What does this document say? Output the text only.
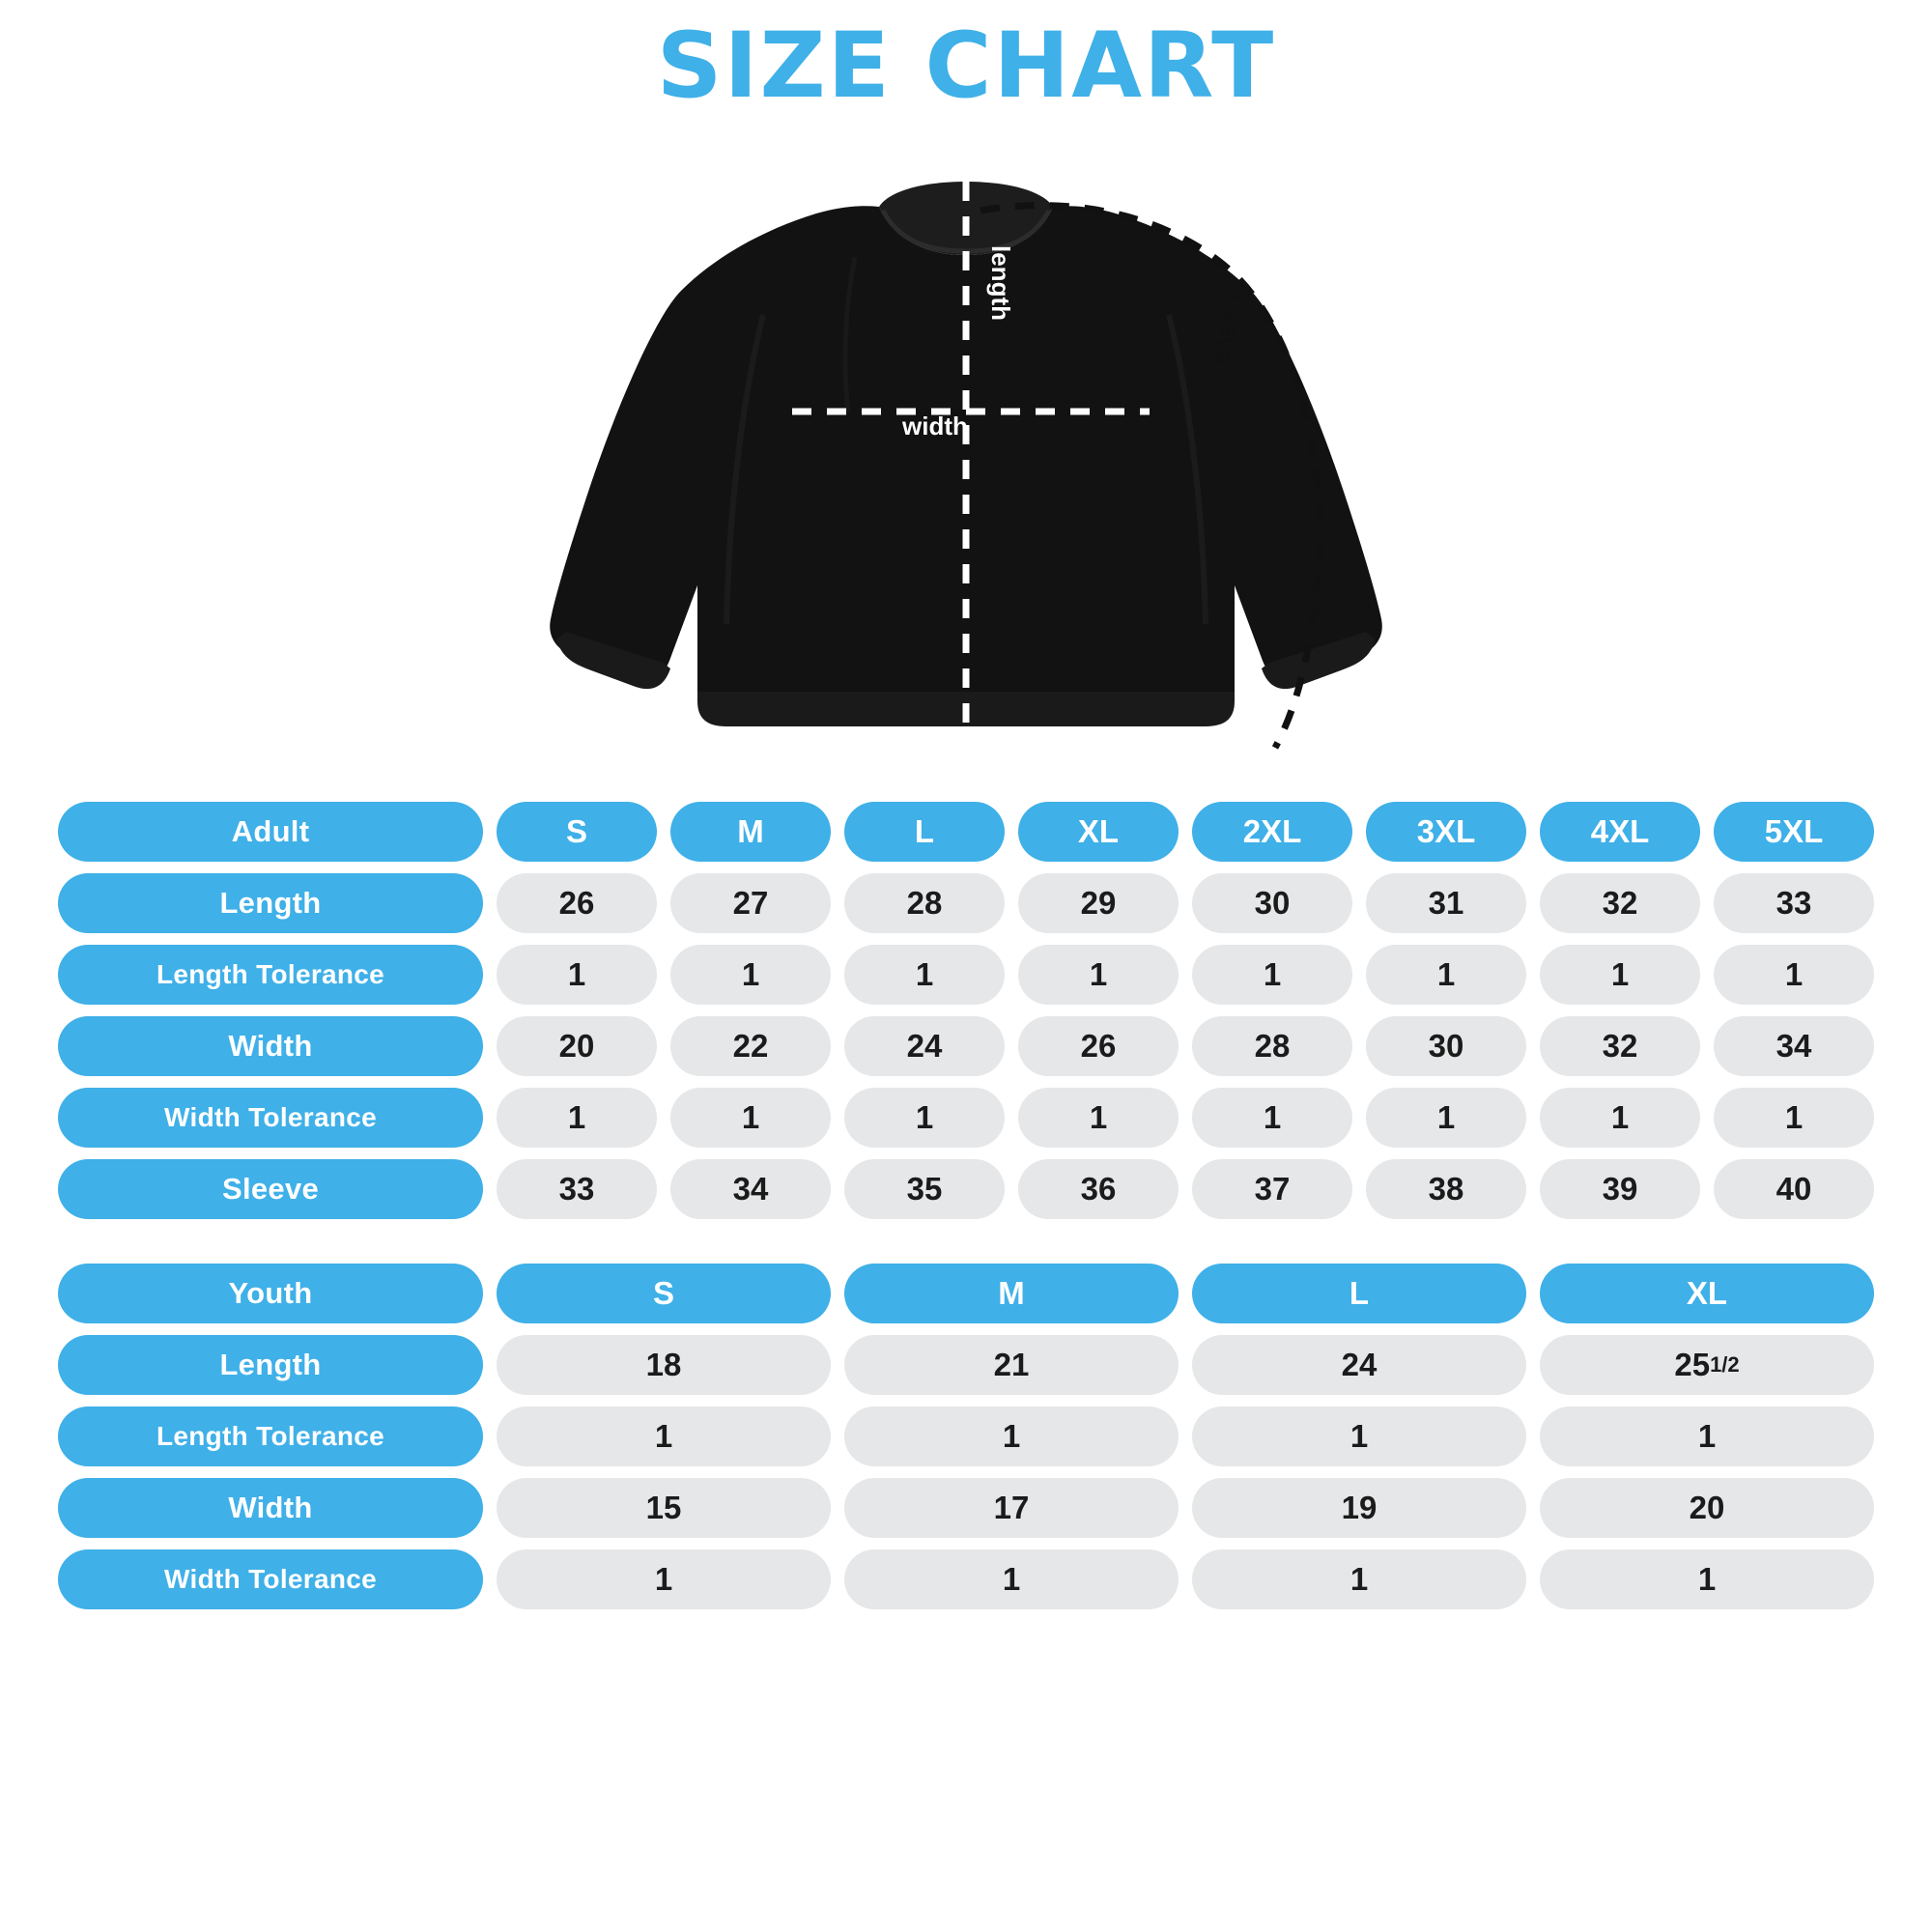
SIZE CHART
width
length
sleeve
Adult	S	M	L	XL	2XL	3XL	4XL	5XL
Length	26	27	28	29	30	31	32	33
Length Tolerance	1	1	1	1	1	1	1	1
Width	20	22	24	26	28	30	32	34
Width Tolerance	1	1	1	1	1	1	1	1
Sleeve	33	34	35	36	37	38	39	40
Youth	S	M	L	XL
Length	18	21	24	25 1/2
Length Tolerance	1	1	1	1
Width	15	17	19	20
Width Tolerance	1	1	1	1
